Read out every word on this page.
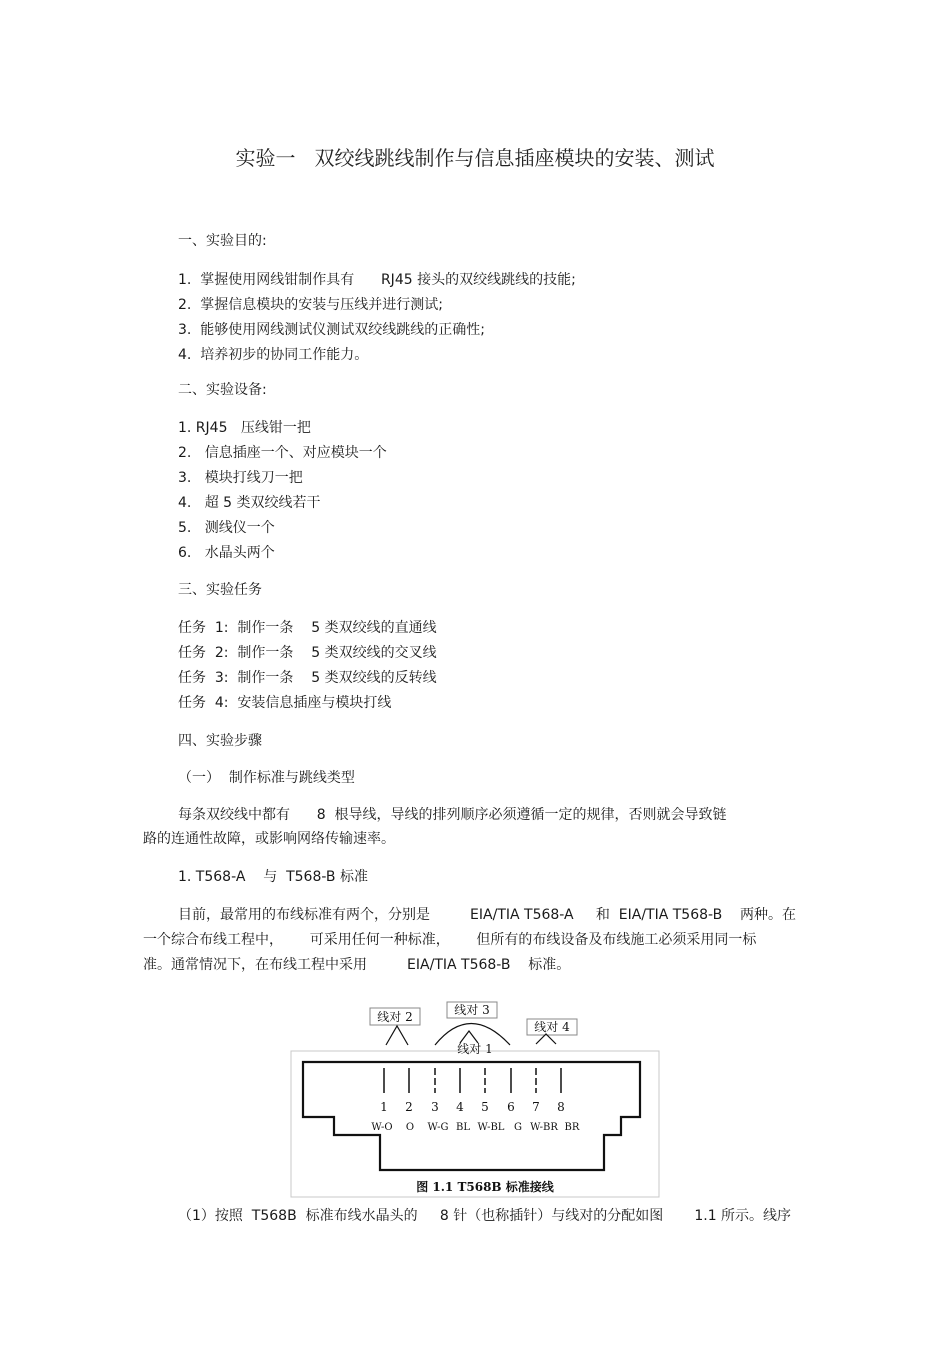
实验一   双绞线跳线制作与信息插座模块的安装、测试
一、实验目的:
1.  掌握使用网线钳制作具有      RJ45 接头的双绞线跳线的技能;
2.  掌握信息模块的安装与压线并进行测试;
3.  能够使用网线测试仪测试双绞线跳线的正确性;
4.  培养初步的协同工作能力。
二、实验设备:
1. RJ45   压线钳一把
2.   信息插座一个、对应模块一个
3.   模块打线刀一把
4.   超 5 类双绞线若干
5.   测线仪一个
6.   水晶头两个
三、实验任务
任务  1:  制作一条    5 类双绞线的直通线
任务  2:  制作一条    5 类双绞线的交叉线
任务  3:  制作一条    5 类双绞线的反转线
任务  4:  安装信息插座与模块打线
四、实验步骤
（一）  制作标准与跳线类型
每条双绞线中都有      8  根导线，导线的排列顺序必须遵循一定的规律，否则就会导致链
路的连通性故障，或影响网络传输速率。
1. T568-A    与  T568-B 标准
目前，最常用的布线标准有两个，分别是         EIA/TIA T568-A     和  EIA/TIA T568-B    两种。在
一个综合布线工程中，      可采用任何一种标准，      但所有的布线设备及布线施工必须采用同一标
准。通常情况下，在布线工程中采用         EIA/TIA T568-B    标准。
线对 2	线对 3
线对 4
线对 1
1 2 3 4 5 6 7 8
W-O O W-G BL W-BL G W-BR BR
图 1.1 T568B 标准接线
（1）按照  T568B  标准布线水晶头的     8 针（也称插针）与线对的分配如图       1.1 所示。线序
